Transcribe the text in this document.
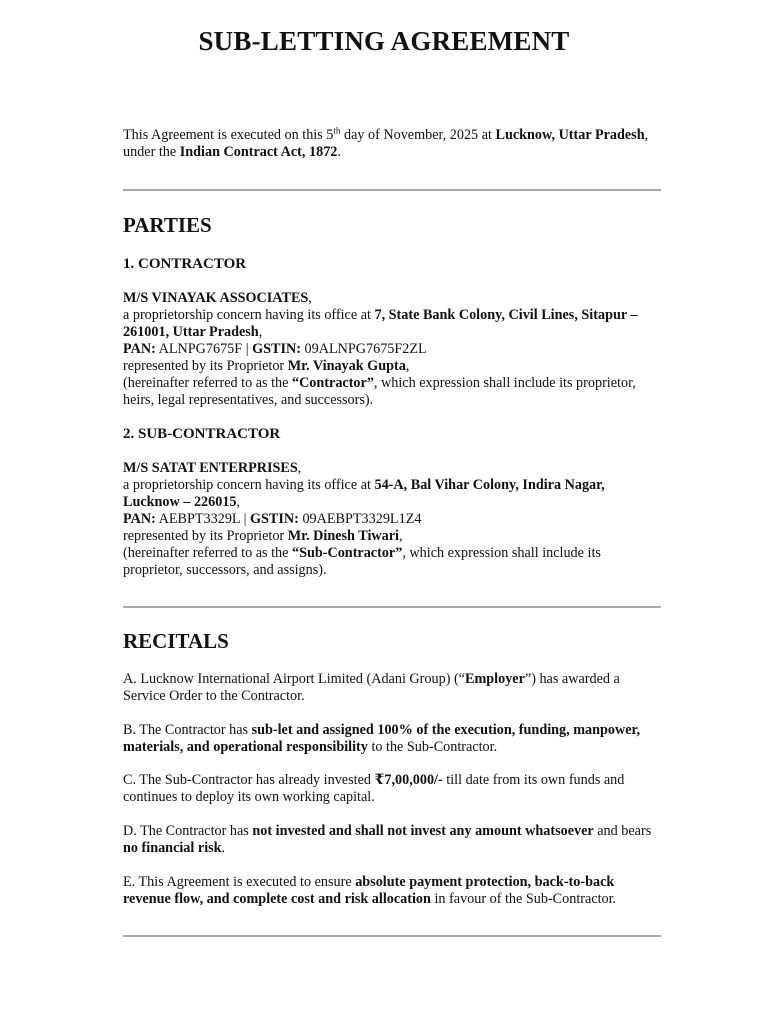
SUB-LETTING AGREEMENT

This Agreement is executed on this 5th day of November, 2025 at Lucknow, Uttar Pradesh,

under the Indian Contract Act, 1872.

PARTIES
1. CONTRACTOR

M/S VINAYAK ASSOCIATES,

a proprietorship concern having its office at 7, State Bank Colony, Civil Lines, Sitapur –

261001, Uttar Pradesh,

PAN: ALNPG7675F | GSTIN: 09ALNPG7675F2ZL

represented by its Proprietor Mr. Vinayak Gupta,

(hereinafter referred to as the “Contractor”, which expression shall include its proprietor,

heirs, legal representatives, and successors).

2. SUB-CONTRACTOR

M/S SATAT ENTERPRISES,

a proprietorship concern having its office at 54-A, Bal Vihar Colony, Indira Nagar,

Lucknow – 226015,

PAN: AEBPT3329L | GSTIN: 09AEBPT3329L1Z4

represented by its Proprietor Mr. Dinesh Tiwari,

(hereinafter referred to as the “Sub-Contractor”, which expression shall include its

proprietor, successors, and assigns).

RECITALS

A. Lucknow International Airport Limited (Adani Group) (“Employer”) has awarded a

Service Order to the Contractor.

B. The Contractor has sub-let and assigned 100% of the execution, funding, manpower,

materials, and operational responsibility to the Sub-Contractor.

C. The Sub-Contractor has already invested ₹7,00,000/- till date from its own funds and

continues to deploy its own working capital.

D. The Contractor has not invested and shall not invest any amount whatsoever and bears

no financial risk.

E. This Agreement is executed to ensure absolute payment protection, back-to-back

revenue flow, and complete cost and risk allocation in favour of the Sub-Contractor.
